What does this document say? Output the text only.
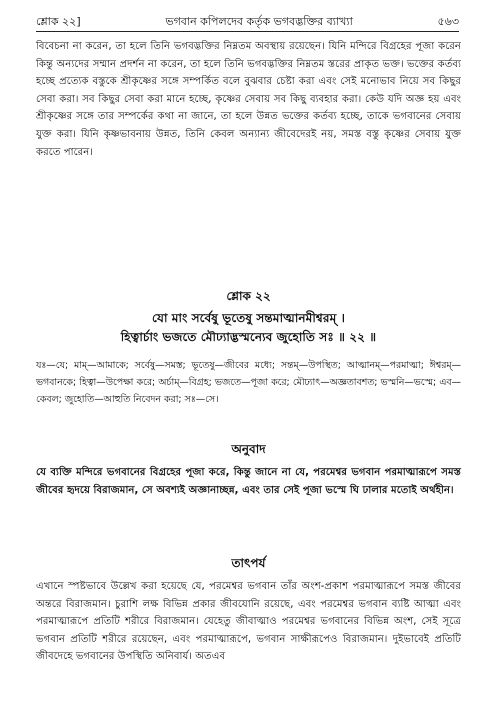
শ্লোক ২২]	ভগবান কপিলদেব কর্তৃক ভগবদ্ভক্তির ব্যাখ্যা	৫৬৩

বিবেচনা না করেন, তা হলে তিনি ভগবদ্ভক্তির নিম্নতম অবস্থায় রয়েছেন। যিনি মন্দিরে বিগ্রহের পূজা করেন কিন্তু অন্যদের সম্মান প্রদর্শন না করেন, তা হলে তিনি ভগবদ্ভক্তির নিম্নতম স্তরের প্রাকৃত ভক্ত। ভক্তের কর্তব্য হচ্ছে প্রত্যেক বস্তুকে শ্রীকৃষ্ণের সঙ্গে সম্পর্কিত বলে বুঝবার চেষ্টা করা এবং সেই মনোভাব নিয়ে সব কিছুর সেবা করা। সব কিছুর সেবা করা মানে হচ্ছে, কৃষ্ণের সেবায় সব কিছু ব্যবহার করা। কেউ যদি অজ্ঞ হয় এবং শ্রীকৃষ্ণের সঙ্গে তার সম্পর্কের কথা না জানে, তা হলে উন্নত ভক্তের কর্তব্য হচ্ছে, তাকে ভগবানের সেবায় যুক্ত করা। যিনি কৃষ্ণভাবনায় উন্নত, তিনি কেবল অন্যান্য জীবেদেরই নয়, সমস্ত বস্তু কৃষ্ণের সেবায় যুক্ত করতে পারেন।

শ্লোক ২২

যো মাং সর্বেষু ভূতেষু সন্তমাত্মানমীশ্বরম্ ।
হিত্বার্চাং ভজতে মৌঢ্যাদ্ভস্মন্যেব জুহোতি সঃ ॥ ২২ ॥

যঃ—যে; মাম্—আমাকে; সর্বেষু—সমস্ত; ভূতেষু—জীবের মধ্যে; সন্তম্—উপস্থিত; আত্মানম্—পরমাত্মা; ঈশ্বরম্—ভগবানকে; হিত্বা—উপেক্ষা করে; অর্চাম্—বিগ্রহ; ভজতে—পূজা করে; মৌঢ্যাৎ—অজ্ঞতাবশত; ভস্মনি—ভস্মে; এব—কেবল; জুহোতি—আহুতি নিবেদন করা; সঃ—সে।

অনুবাদ

যে ব্যক্তি মন্দিরে ভগবানের বিগ্রহের পূজা করে, কিন্তু জানে না যে, পরমেশ্বর ভগবান পরমাত্মারূপে সমস্ত জীবের হৃদয়ে বিরাজমান, সে অবশ্যই অজ্ঞানাচ্ছন্ন, এবং তার সেই পূজা ভস্মে ঘি ঢালার মতোই অর্থহীন।

তাৎপর্য

এখানে স্পষ্টভাবে উল্লেখ করা হয়েছে যে, পরমেশ্বর ভগবান তাঁর অংশ-প্রকাশ পরমাত্মারূপে সমস্ত জীবের অন্তরে বিরাজমান। চুরাশি লক্ষ বিভিন্ন প্রকার জীবযোনি রয়েছে, এবং পরমেশ্বর ভগবান ব্যষ্টি আত্মা এবং পরমাত্মারূপে প্রতিটি শরীরে বিরাজমান। যেহেতু জীবাত্মাও পরমেশ্বর ভগবানের বিভিন্ন অংশ, সেই সূত্রে ভগবান প্রতিটি শরীরে রয়েছেন, এবং পরমাত্মারূপে, ভগবান সাক্ষীরূপেও বিরাজমান। দুইভাবেই প্রতিটি জীবদেহে ভগবানের উপস্থিতি অনিবার্য। অতএব
